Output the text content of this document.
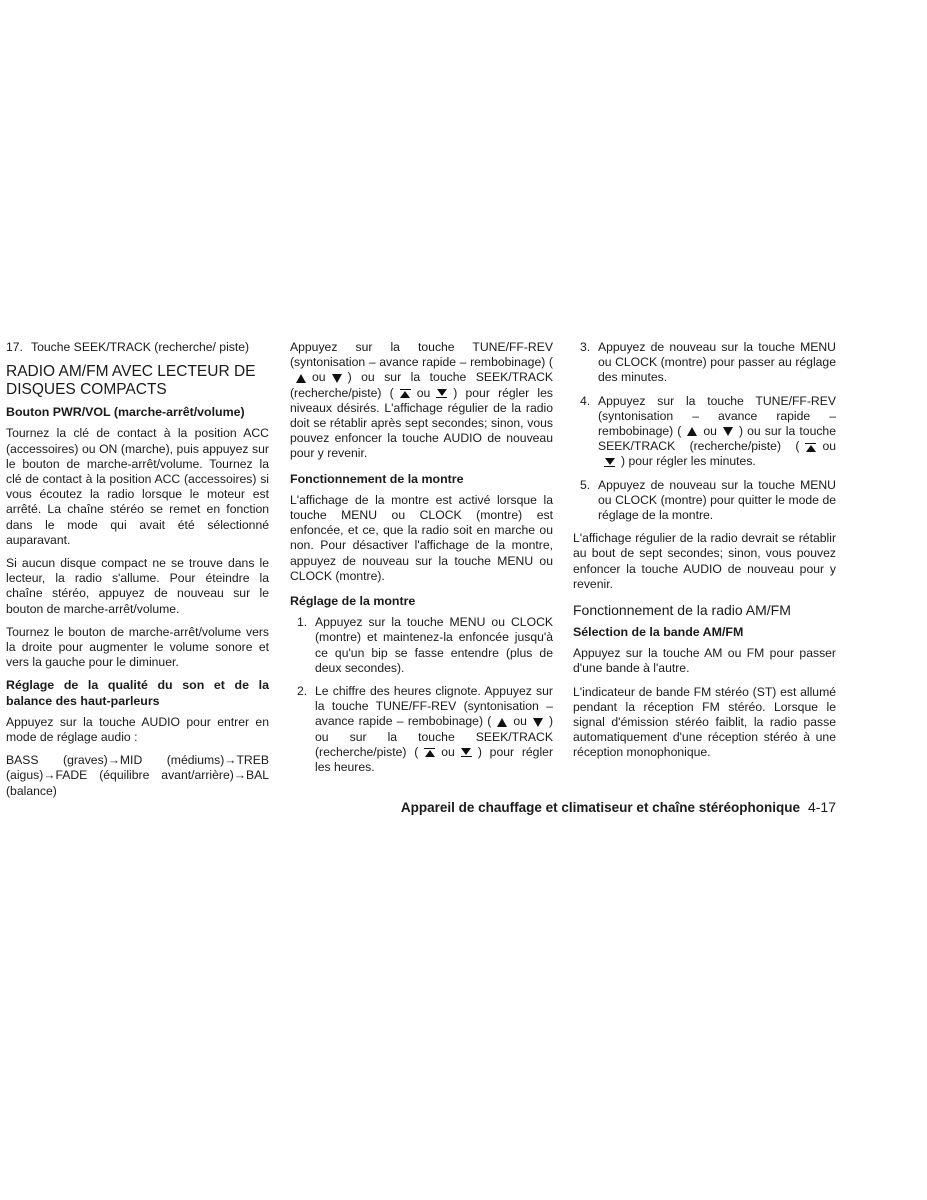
17. Touche SEEK/TRACK (recherche/ piste)
RADIO AM/FM AVEC LECTEUR DE DISQUES COMPACTS
Bouton PWR/VOL (marche-arrêt/volume)

Tournez la clé de contact à la position ACC (accessoires) ou ON (marche), puis appuyez sur le bouton de marche-arrêt/volume. Tournez la clé de contact à la position ACC (accessoires) si vous écoutez la radio lorsque le moteur est arrêté. La chaîne stéréo se remet en fonction dans le mode qui avait été sélectionné auparavant.

Si aucun disque compact ne se trouve dans le lecteur, la radio s'allume. Pour éteindre la chaîne stéréo, appuyez de nouveau sur le bouton de marche-arrêt/volume.

Tournez le bouton de marche-arrêt/volume vers la droite pour augmenter le volume sonore et vers la gauche pour le diminuer.

Réglage de la qualité du son et de la balance des haut-parleurs

Appuyez sur la touche AUDIO pour entrer en mode de réglage audio :

BASS (graves)→MID (médiums)→TREB (aigus)→FADE (équilibre avant/arrière)→BAL (balance)

Appuyez sur la touche TUNE/FF-REV (syntonisation – avance rapide – rembobinage) (ou ) ou sur la touche SEEK/TRACK (recherche/piste) ( ou ) pour régler les niveaux désirés. L'affichage régulier de la radio doit se rétablir après sept secondes; sinon, vous pouvez enfoncer la touche AUDIO de nouveau pour y revenir.

Fonctionnement de la montre

L'affichage de la montre est activé lorsque la touche MENU ou CLOCK (montre) est enfoncée, et ce, que la radio soit en marche ou non. Pour désactiver l'affichage de la montre, appuyez de nouveau sur la touche MENU ou CLOCK (montre).

Réglage de la montre
1. Appuyez sur la touche MENU ou CLOCK (montre) et maintenez-la enfoncée jusqu'à ce qu'un bip se fasse entendre (plus de deux secondes).
2. Le chiffre des heures clignote. Appuyez sur la touche TUNE/FF-REV (syntonisation – avance rapide – rembobinage) ( ou ) ou sur la touche SEEK/TRACK (recherche/piste) ( ou ) pour régler les heures.
3. Appuyez de nouveau sur la touche MENU ou CLOCK (montre) pour passer au réglage des minutes.
4. Appuyez sur la touche TUNE/FF-REV (syntonisation – avance rapide – rembobinage) ( ou ) ou sur la touche SEEK/TRACK (recherche/piste) ( ou) pour régler les minutes.
5. Appuyez de nouveau sur la touche MENU ou CLOCK (montre) pour quitter le mode de réglage de la montre.

L'affichage régulier de la radio devrait se rétablir au bout de sept secondes; sinon, vous pouvez enfoncer la touche AUDIO de nouveau pour y revenir.

Fonctionnement de la radio AM/FM
Sélection de la bande AM/FM

Appuyez sur la touche AM ou FM pour passer d'une bande à l'autre.

L'indicateur de bande FM stéréo (ST) est allumé pendant la réception FM stéréo. Lorsque le signal d'émission stéréo faiblit, la radio passe automatiquement d'une réception stéréo à une réception monophonique.

Appareil de chauffage et climatiseur et chaîne stéréophonique 4-17
